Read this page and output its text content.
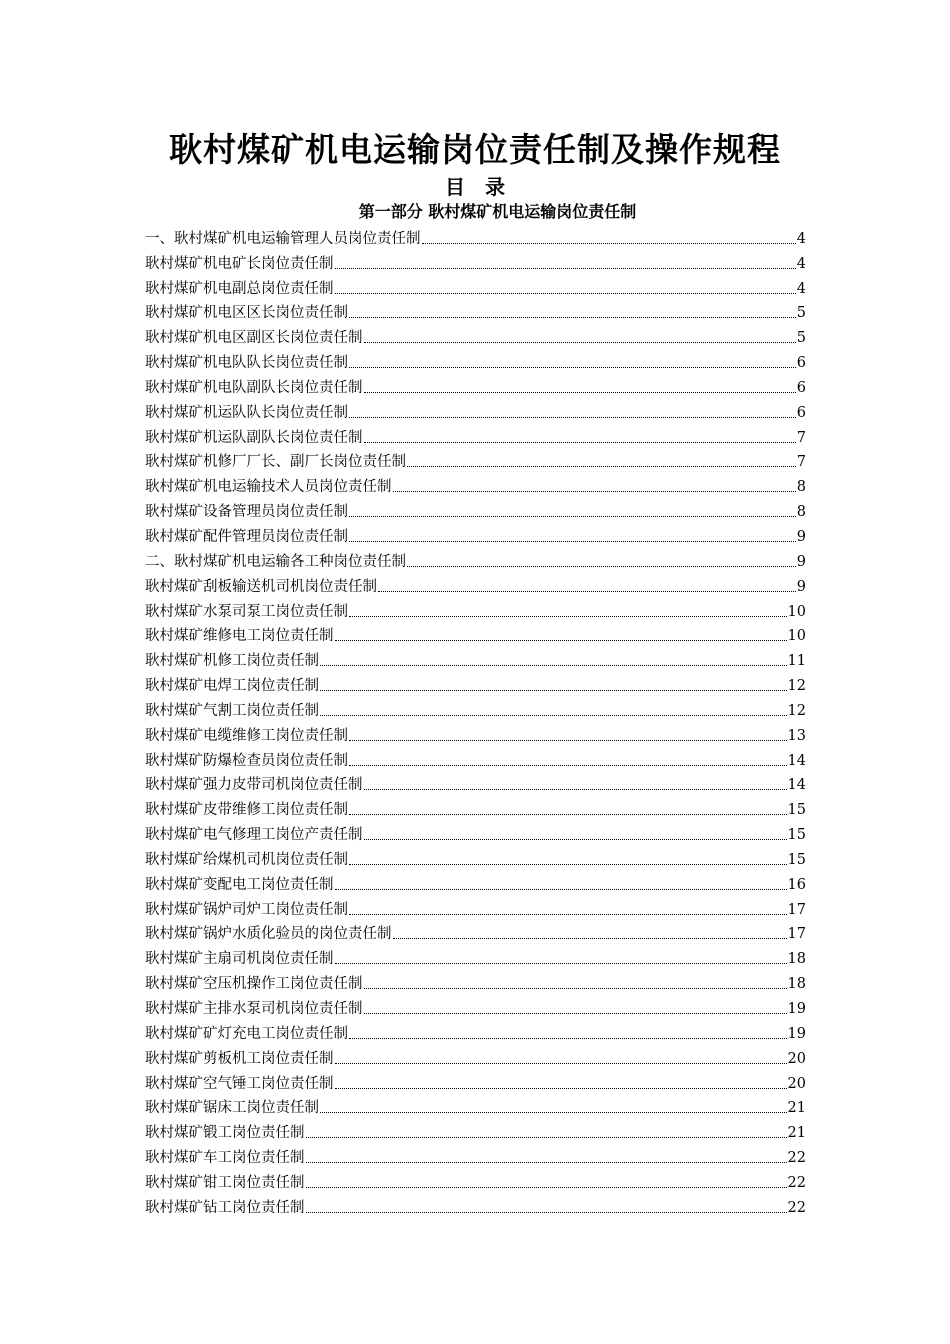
耿村煤矿机电运输岗位责任制及操作规程
目　录
第一部分 耿村煤矿机电运输岗位责任制
一、耿村煤矿机电运输管理人员岗位责任制	4
耿村煤矿机电矿长岗位责任制	4
耿村煤矿机电副总岗位责任制	4
耿村煤矿机电区区长岗位责任制	5
耿村煤矿机电区副区长岗位责任制	5
耿村煤矿机电队队长岗位责任制	6
耿村煤矿机电队副队长岗位责任制	6
耿村煤矿机运队队长岗位责任制	6
耿村煤矿机运队副队长岗位责任制	7
耿村煤矿机修厂厂长、副厂长岗位责任制	7
耿村煤矿机电运输技术人员岗位责任制	8
耿村煤矿设备管理员岗位责任制	8
耿村煤矿配件管理员岗位责任制	9
二、耿村煤矿机电运输各工种岗位责任制	9
耿村煤矿刮板输送机司机岗位责任制	9
耿村煤矿水泵司泵工岗位责任制	10
耿村煤矿维修电工岗位责任制	10
耿村煤矿机修工岗位责任制	11
耿村煤矿电焊工岗位责任制	12
耿村煤矿气割工岗位责任制	12
耿村煤矿电缆维修工岗位责任制	13
耿村煤矿防爆检查员岗位责任制	14
耿村煤矿强力皮带司机岗位责任制	14
耿村煤矿皮带维修工岗位责任制	15
耿村煤矿电气修理工岗位产责任制	15
耿村煤矿给煤机司机岗位责任制	15
耿村煤矿变配电工岗位责任制	16
耿村煤矿锅炉司炉工岗位责任制	17
耿村煤矿锅炉水质化验员的岗位责任制	17
耿村煤矿主扇司机岗位责任制	18
耿村煤矿空压机操作工岗位责任制	18
耿村煤矿主排水泵司机岗位责任制	19
耿村煤矿矿灯充电工岗位责任制	19
耿村煤矿剪板机工岗位责任制	20
耿村煤矿空气锤工岗位责任制	20
耿村煤矿锯床工岗位责任制	21
耿村煤矿锻工岗位责任制	21
耿村煤矿车工岗位责任制	22
耿村煤矿钳工岗位责任制	22
耿村煤矿钻工岗位责任制	22
